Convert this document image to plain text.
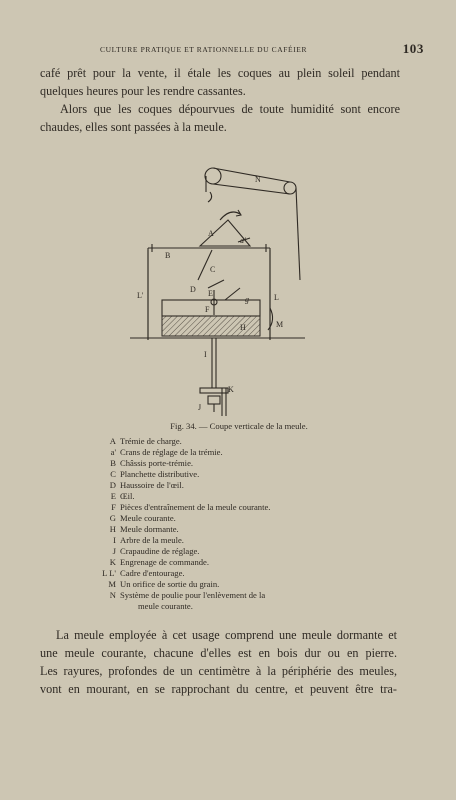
CULTURE PRATIQUE ET RATIONNELLE DU CAFÉIER	103
café prêt pour la vente, il étale les coques au plein soleil pendant
quelques heures pour les rendre cassantes.
Alors que les coques dépourvues de toute humidité sont encore
chaudes, elles sont passées à la meule.
N
A
a'
B
C
D E
g
F
L'	L
H	M
I
K
J
Fig. 34. — Coupe verticale de la meule.
A Trémie de charge.
a' Crans de réglage de la trémie.
B Châssis porte-trémie.
C Planchette distributive.
D Haussoire de l'œil.
E Œil.
F Pièces d'entraînement de la meule courante.
G Meule courante.
H Meule dormante.
I Arbre de la meule.
J Crapaudine de réglage.
K Engrenage de commande.
L L' Cadre d'entourage.
M Un orifice de sortie du grain.
N Système de poulie pour l'enlèvement de la
meule courante.
La meule employée à cet usage comprend une meule dormante et
une meule courante, chacune d'elles est en bois dur ou en pierre.
Les rayures, profondes de un centimètre à la périphérie des meules,
vont en mourant, en se rapprochant du centre, et peuvent être tra-
